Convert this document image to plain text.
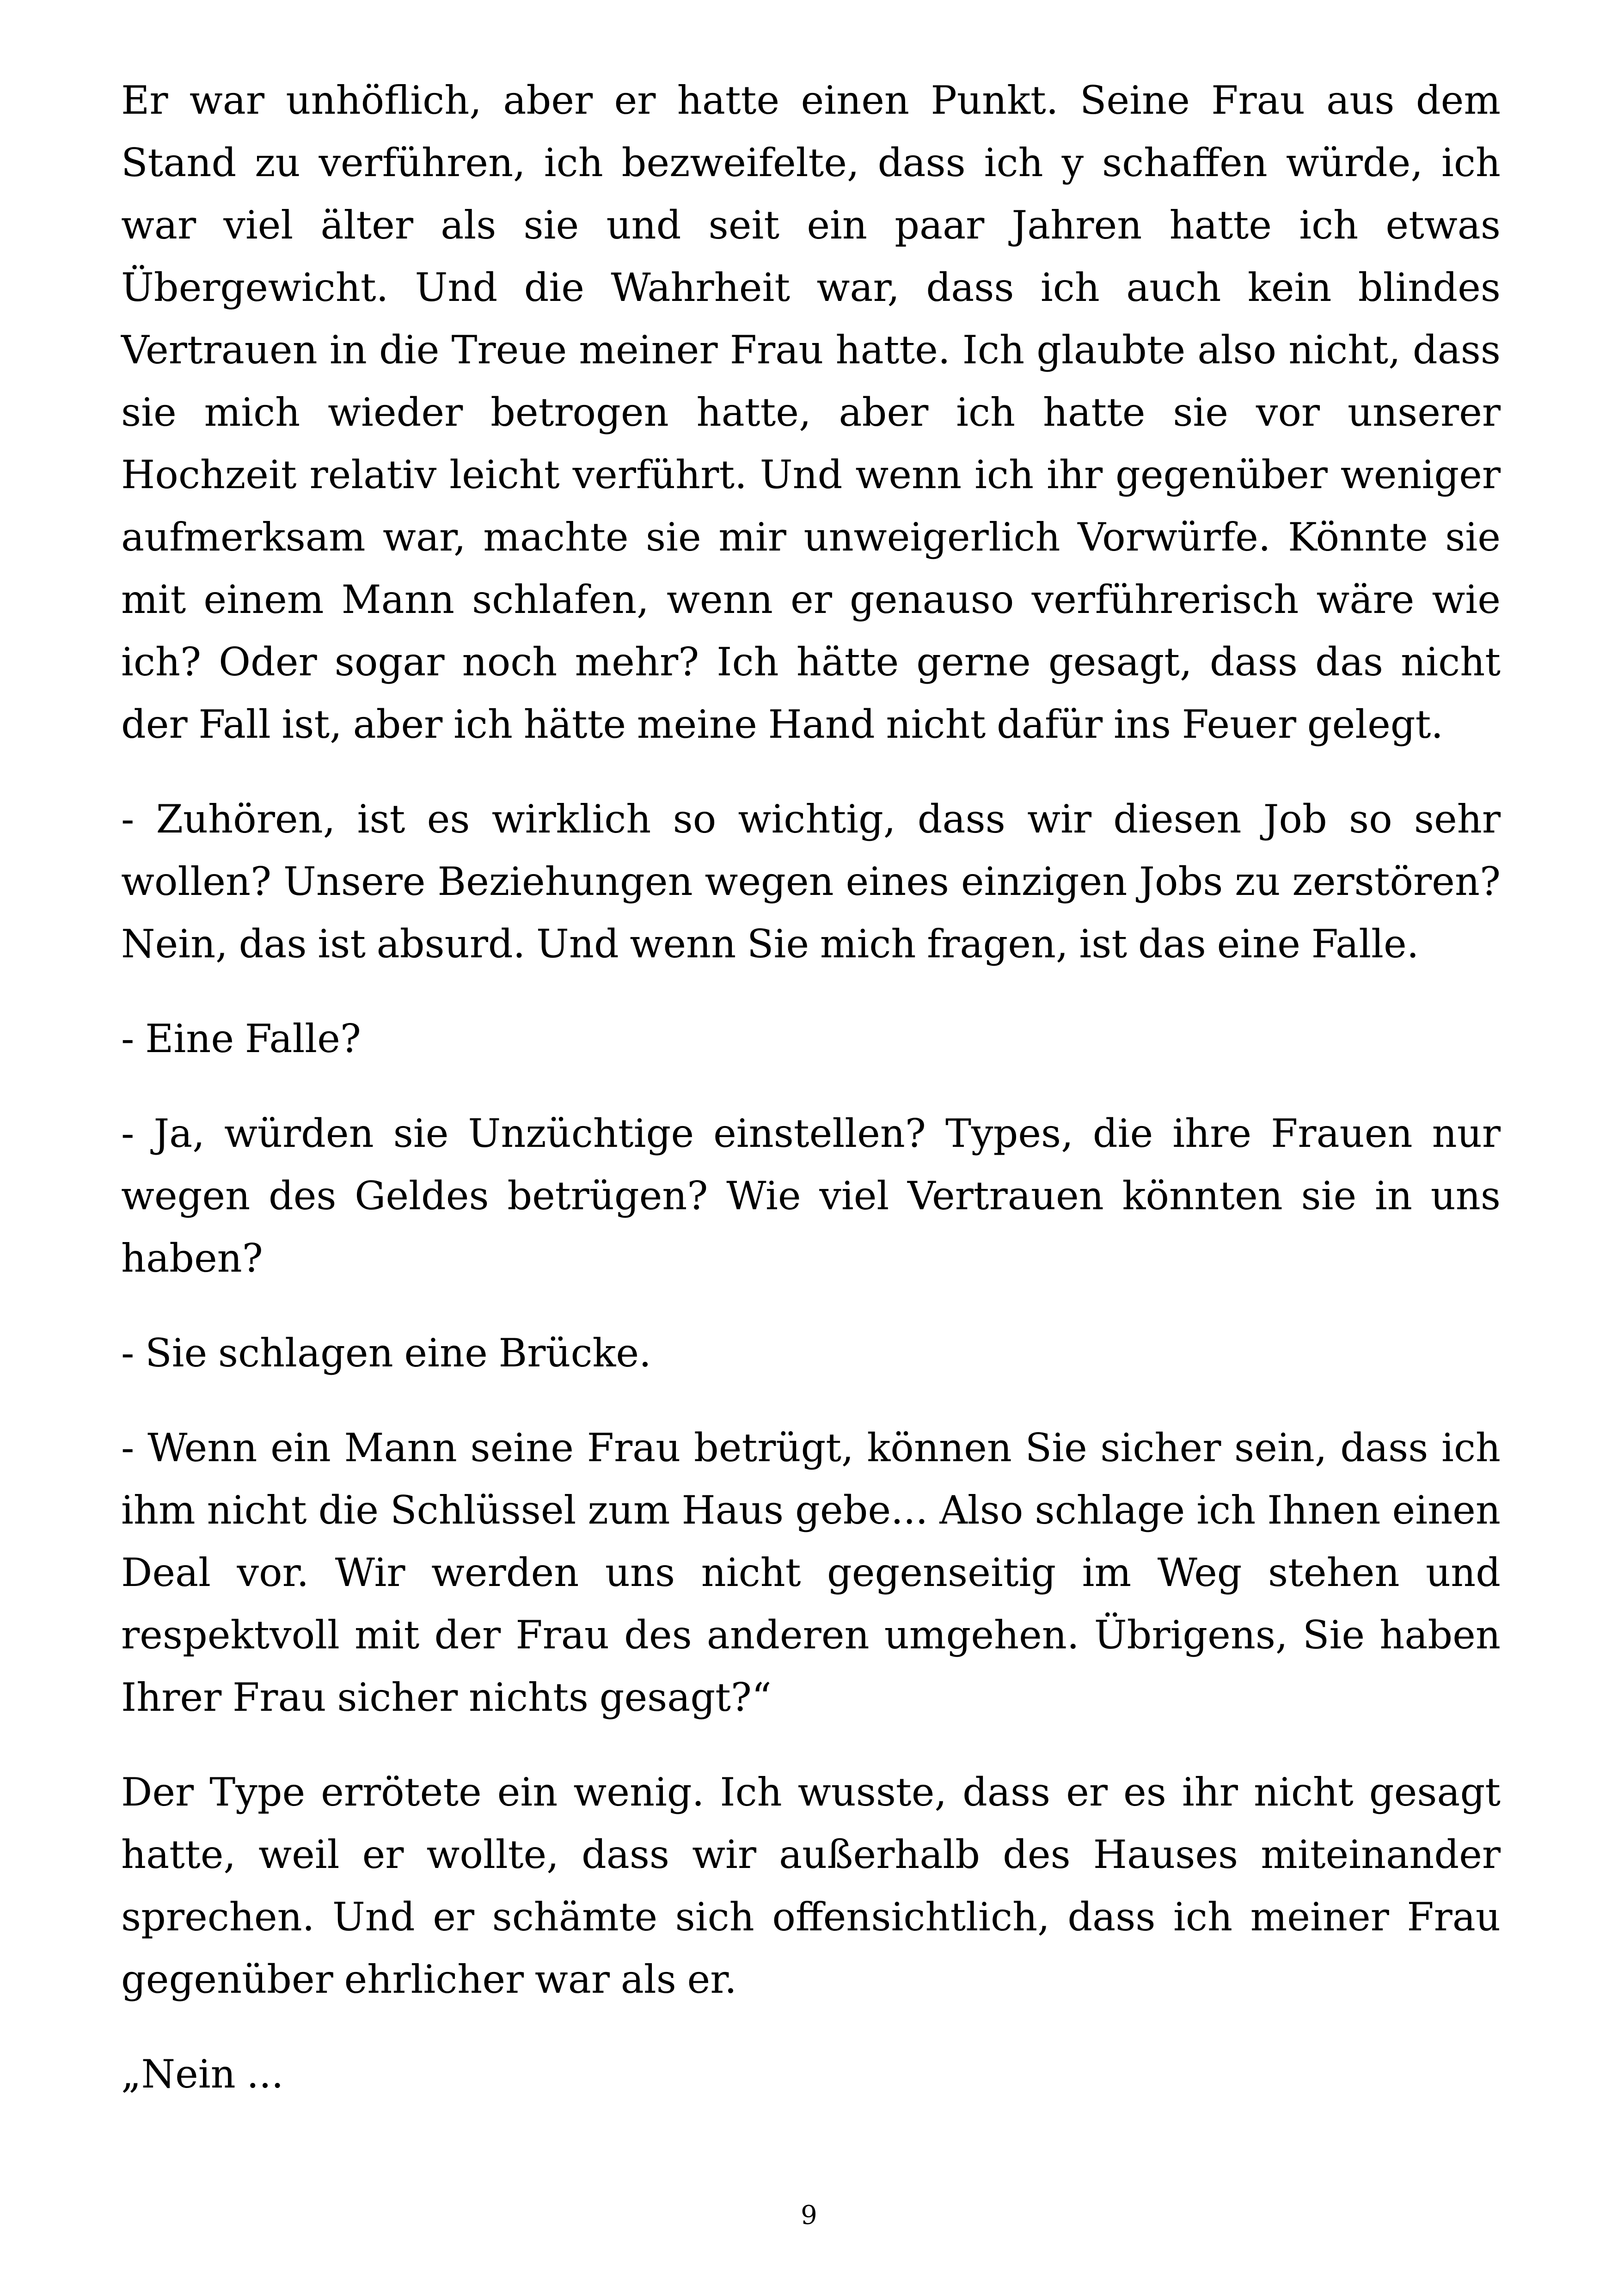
Er war unhöflich, aber er hatte einen Punkt. Seine Frau aus dem Stand zu verführen, ich bezweifelte, dass ich y schaffen würde, ich war viel älter als sie und seit ein paar Jahren hatte ich etwas Übergewicht. Und die Wahrheit war, dass ich auch kein blindes Vertrauen in die Treue meiner Frau hatte. Ich glaubte also nicht, dass sie mich wieder betrogen hatte, aber ich hatte sie vor unserer Hochzeit relativ leicht verführt. Und wenn ich ihr gegenüber weniger aufmerksam war, machte sie mir unweigerlich Vorwürfe. Könnte sie mit einem Mann schlafen, wenn er genauso verführerisch wäre wie ich? Oder sogar noch mehr? Ich hätte gerne gesagt, dass das nicht der Fall ist, aber ich hätte meine Hand nicht dafür ins Feuer gelegt.

- Zuhören, ist es wirklich so wichtig, dass wir diesen Job so sehr wollen? Unsere Beziehungen wegen eines einzigen Jobs zu zerstören? Nein, das ist absurd. Und wenn Sie mich fragen, ist das eine Falle.

- Eine Falle?

- Ja, würden sie Unzüchtige einstellen? Types, die ihre Frauen nur wegen des Geldes betrügen? Wie viel Vertrauen könnten sie in uns haben?

- Sie schlagen eine Brücke.

- Wenn ein Mann seine Frau betrügt, können Sie sicher sein, dass ich ihm nicht die Schlüssel zum Haus gebe... Also schlage ich Ihnen einen Deal vor. Wir werden uns nicht gegenseitig im Weg stehen und respektvoll mit der Frau des anderen umgehen. Übrigens, Sie haben Ihrer Frau sicher nichts gesagt?“

Der Type errötete ein wenig. Ich wusste, dass er es ihr nicht gesagt hatte, weil er wollte, dass wir außerhalb des Hauses miteinander sprechen. Und er schämte sich offensichtlich, dass ich meiner Frau gegenüber ehrlicher war als er.

„Nein ...

9
